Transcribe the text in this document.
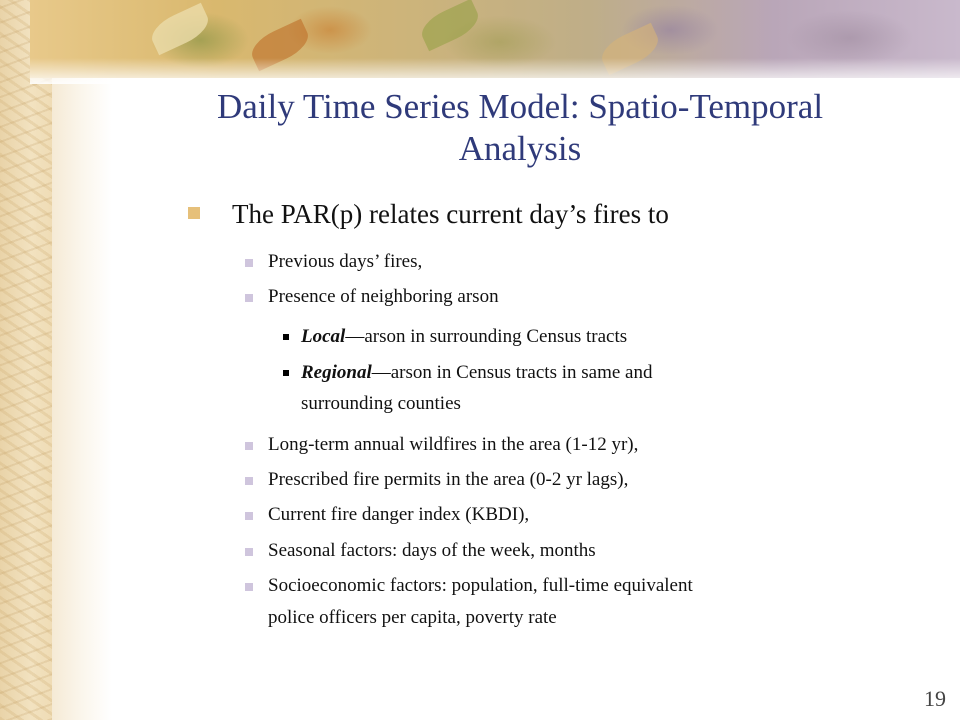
Daily Time Series Model: Spatio-Temporal
Analysis
The PAR(p) relates current day’s fires to
Previous days’ fires,
Presence of neighboring arson
Local—arson in surrounding Census tracts
Regional—arson in Census tracts in same and
surrounding counties
Long-term annual wildfires in the area (1-12 yr),
Prescribed fire permits in the area (0-2 yr lags),
Current fire danger index (KBDI),
Seasonal factors: days of the week, months
Socioeconomic factors: population, full-time equivalent
police officers per capita, poverty rate
19
